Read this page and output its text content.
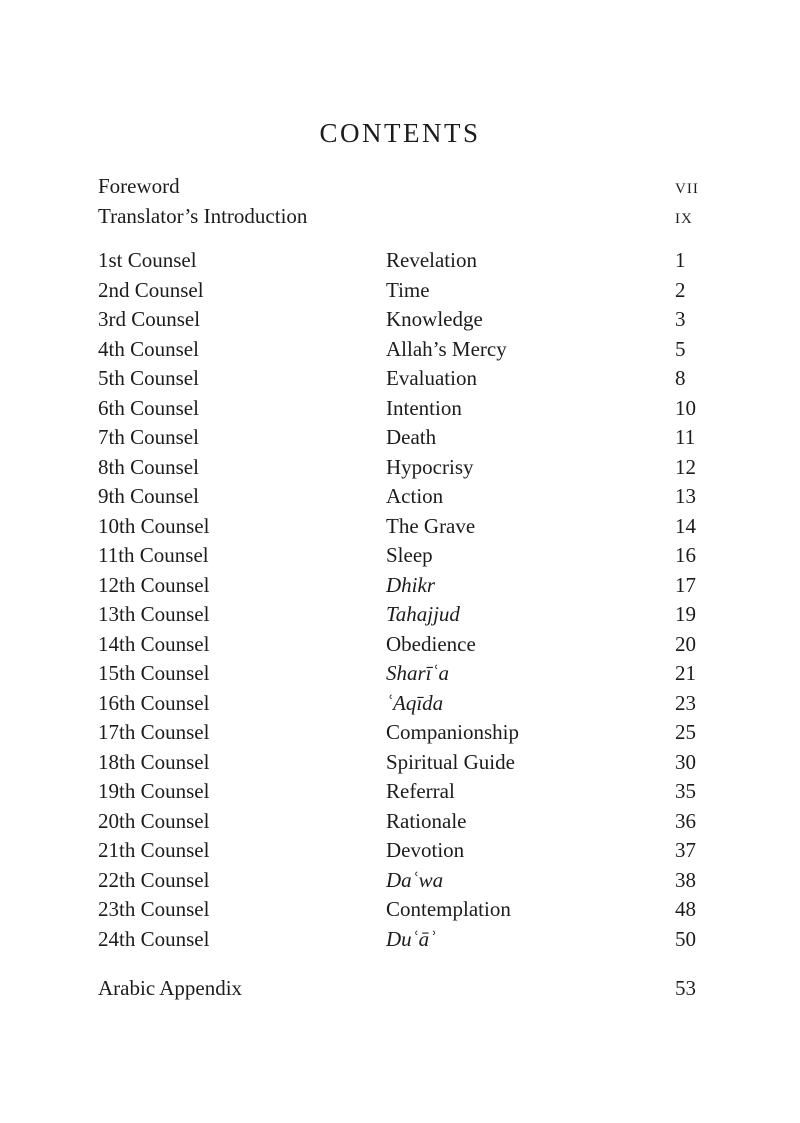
CONTENTS
Foreword	vii
Translator’s Introduction	ix
1st Counsel	Revelation	1
2nd Counsel	Time	2
3rd Counsel	Knowledge	3
4th Counsel	Allah’s Mercy	5
5th Counsel	Evaluation	8
6th Counsel	Intention	10
7th Counsel	Death	11
8th Counsel	Hypocrisy	12
9th Counsel	Action	13
10th Counsel	The Grave	14
11th Counsel	Sleep	16
12th Counsel	Dhikr	17
13th Counsel	Tahajjud	19
14th Counsel	Obedience	20
15th Counsel	Sharīʿa	21
16th Counsel	ʿAqīda	23
17th Counsel	Companionship	25
18th Counsel	Spiritual Guide	30
19th Counsel	Referral	35
20th Counsel	Rationale	36
21th Counsel	Devotion	37
22th Counsel	Daʿwa	38
23th Counsel	Contemplation	48
24th Counsel	Duʿāʾ	50
Arabic Appendix	53
